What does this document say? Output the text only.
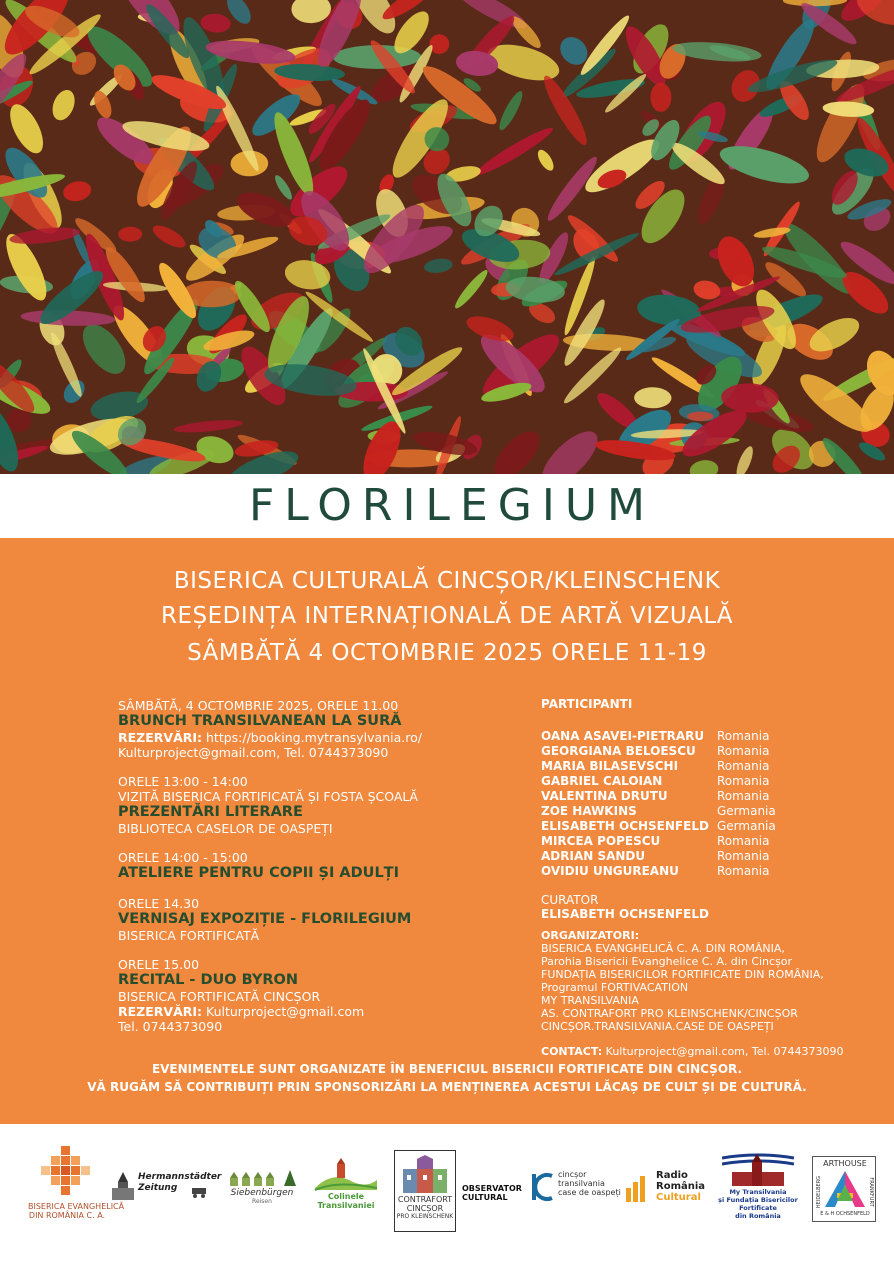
FLORILEGIUM
BISERICA CULTURALĂ CINCȘOR/KLEINSCHENK
REȘEDINȚA INTERNAȚIONALĂ DE ARTĂ VIZUALĂ
SÂMBĂTĂ 4 OCTOMBRIE 2025 ORELE 11-19
SÂMBĂTĂ, 4 OCTOMBRIE 2025, ORELE 11.00
BRUNCH TRANSILVANEAN LA SURĂ
REZERVĂRI: https://booking.mytransylvania.ro/
Kulturproject@gmail.com, Tel. 0744373090
ORELE 13:00 - 14:00
VIZITĂ BISERICA FORTIFICATĂ ȘI FOSTA ȘCOALĂ
PREZENTĂRI LITERARE
BIBLIOTECA CASELOR DE OASPEȚI
ORELE 14:00 - 15:00
ATELIERE PENTRU COPII ȘI ADULȚI
ORELE 14.30
VERNISAJ EXPOZIȚIE - FLORILEGIUM
BISERICA FORTIFICATĂ
ORELE 15.00
RECITAL - DUO BYRON
BISERICA FORTIFICATĂ CINCȘOR
REZERVĂRI: Kulturproject@gmail.com
Tel. 0744373090
PARTICIPANTI
OANA ASAVEI-PIETRARU	Romania
GEORGIANA BELOESCU	Romania
MARIA BILASEVSCHI	Romania
GABRIEL CALOIAN	Romania
VALENTINA DRUTU	Romania
ZOE HAWKINS	Germania
ELISABETH OCHSENFELD Germania
MIRCEA POPESCU	Romania
ADRIAN SANDU	Romania
OVIDIU UNGUREANU	Romania
CURATOR
ELISABETH OCHSENFELD
ORGANIZATORI:
BISERICA EVANGHELICĂ C. A. DIN ROMÂNIA,
Parohia Bisericii Evanghelice C. A. din Cincșor
FUNDAȚIA BISERICILOR FORTIFICATE DIN ROMÂNIA,
Programul FORTIVACATION
MY TRANSILVANIA
AS. CONTRAFORT PRO KLEINSCHENK/CINCȘOR
CINCȘOR.TRANSILVANIA.CASE DE OASPEȚI
CONTACT: Kulturproject@gmail.com, Tel. 0744373090
EVENIMENTELE SUNT ORGANIZATE ÎN BENEFICIUL BISERICII FORTIFICATE DIN CINCȘOR.
VĂ RUGĂM SĂ CONTRIBUIȚI PRIN SPONSORIZĂRI LA MENȚINEREA ACESTUI LĂCAȘ DE CULT ȘI DE CULTURĂ.
BISERICA EVANGHELICĂ
DIN ROMÂNIA C. A.
Hermannstädter
Zeitung	Siebenbürgen
Reisen
Colinele
Transilvaniei
CONTRAFORT
CINCȘOR
PRO KLEINSCHENK
OBSERVATOR
CULTURAL
cincșor
transilvania
case de oaspeți
Radio
România
Cultural	My Transilvania
și Fundația Bisericilor
Fortificate
din România
ARTHOUSE
HEIDELBERG	FRANKFURT
E & H OCHSENFELD
